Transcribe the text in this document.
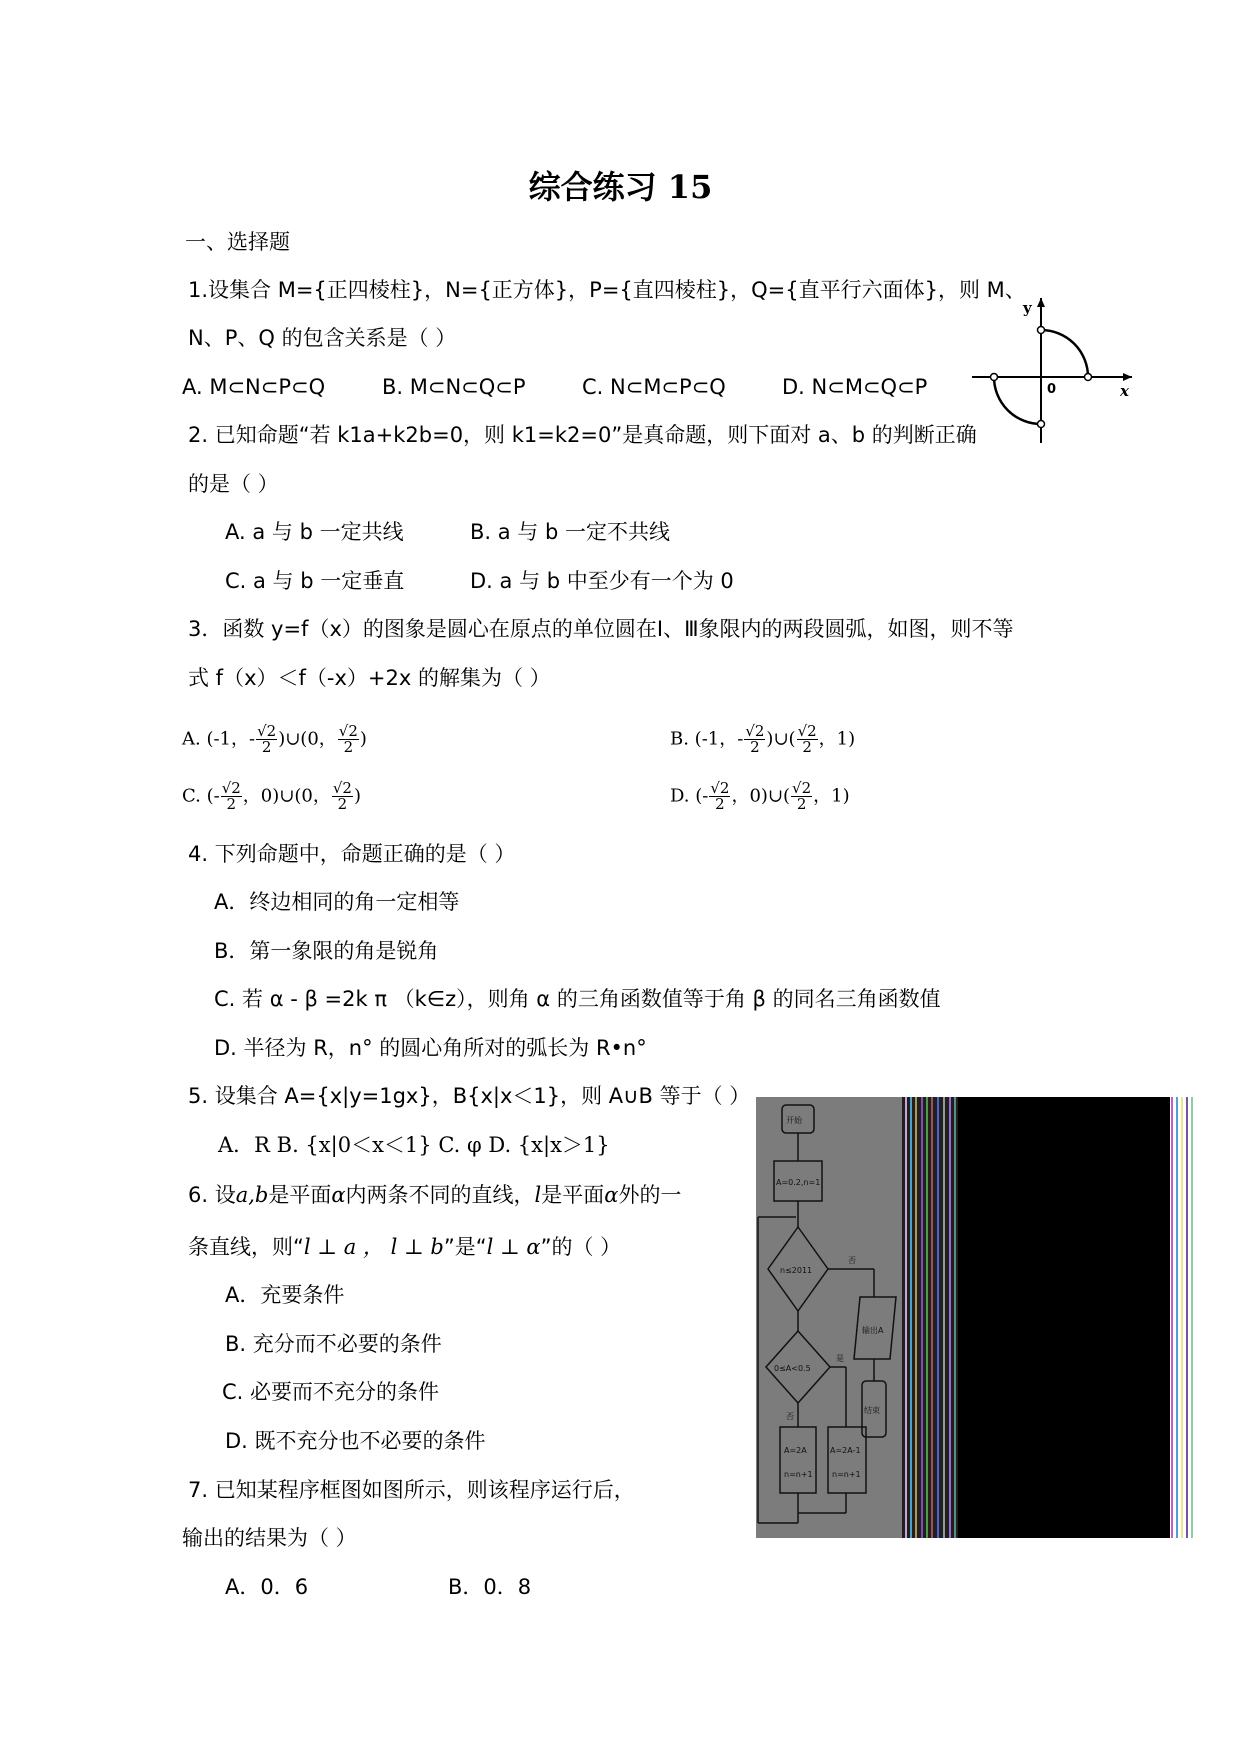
综合练习 15
一、选择题
1.设集合 M={正四棱柱}，N={正方体}，P={直四棱柱}，Q={直平行六面体}，则 M、
N、P、Q 的包含关系是（ ）
A. M⊂N⊂P⊂Q	B. M⊂N⊂Q⊂P	C. N⊂M⊂P⊂Q	D. N⊂M⊂Q⊂P
y
x
0
2. 已知命题“若 k1a+k2b=0，则 k1=k2=0”是真命题，则下面对 a、b 的判断正确
的是（ ）
A. a 与 b 一定共线	B. a 与 b 一定不共线
C. a 与 b 一定垂直	D. a 与 b 中至少有一个为 0
3．函数 y=f（x）的图象是圆心在原点的单位圆在Ⅰ、Ⅲ象限内的两段圆弧，如图，则不等
式 f（x）＜f（-x）+2x 的解集为（ ）
A. (-1，- $\frac{√2}{2}$ )∪(0， $\frac{√2}{2}$ )	B. (-1，- $\frac{√2}{2}$ )∪( $\frac{√2}{2}$ ，1)
C. (- $\frac{√2}{2}$ ，0)∪(0， $\frac{√2}{2}$ )	D. (- $\frac{√2}{2}$ ，0)∪( $\frac{√2}{2}$ ，1)
4. 下列命题中，命题正确的是（ ）
A．终边相同的角一定相等
B．第一象限的角是锐角
C. 若 α - β =2k π （k∈z），则角 α 的三角函数值等于角 β 的同名三角函数值
D. 半径为 R，n° 的圆心角所对的弧长为 R•n°
5. 设集合 A={x|y=1gx}，B{x|x＜1}，则 A∪B 等于（ ）
A．R B. {x|0＜x＜1} C. φ D. {x|x＞1}
6. 设a,b是平面α内两条不同的直线，l是平面α外的一
条直线，则“l ⊥ a ， l ⊥ b”是“l ⊥ α”的（ ）
A．充要条件
B. 充分而不必要的条件
C. 必要而不充分的条件
D. 既不充分也不必要的条件
7. 已知某程序框图如图所示，则该程序运行后，
输出的结果为（ ）
A．0．6	B．0．8
开始
A=0.2,n=1
n≤2011
0≤A<0.5
否
是
否
输出A
结束
A=2A
n=n+1
A=2A-1
n=n+1
